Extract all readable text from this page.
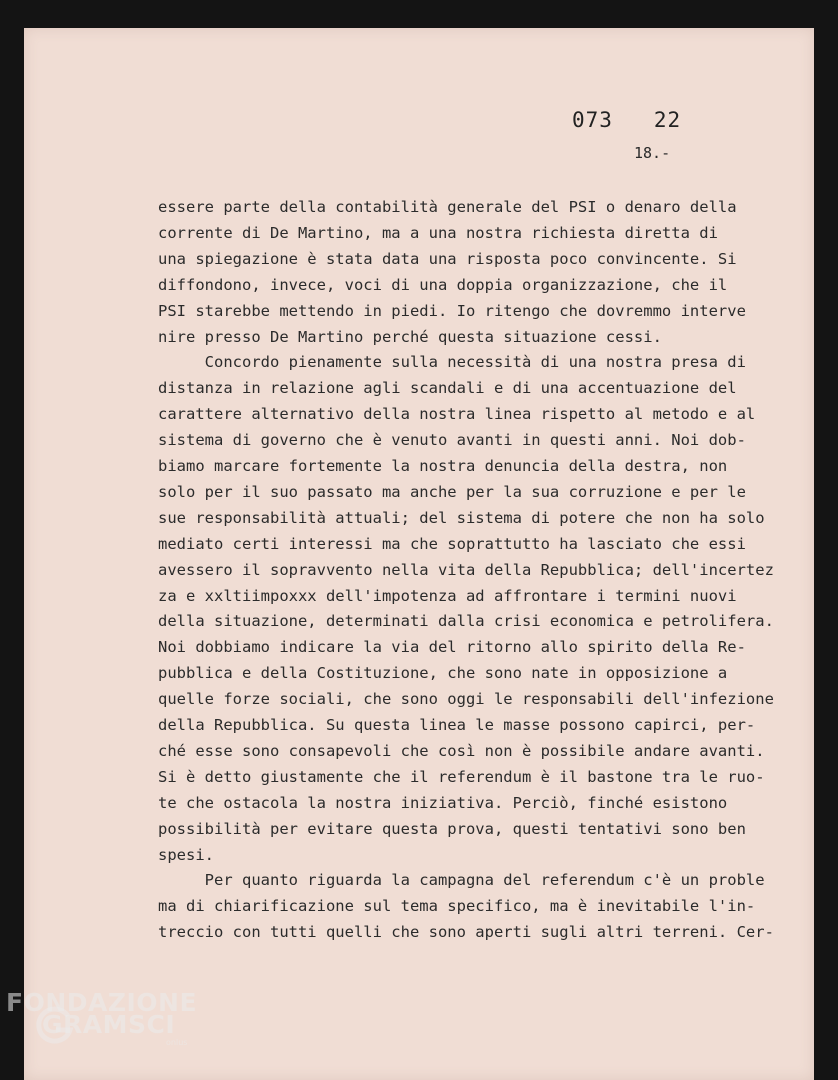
073   22
18.-
essere parte della contabilità generale del PSI o denaro della
corrente di De Martino, ma a una nostra richiesta diretta di
una spiegazione è stata data una risposta poco convincente. Si
diffondono, invece, voci di una doppia organizzazione, che il
PSI starebbe mettendo in piedi. Io ritengo che dovremmo interve
nire presso De Martino perché questa situazione cessi.
Concordo pienamente sulla necessità di una nostra presa di
distanza in relazione agli scandali e di una accentuazione del
carattere alternativo della nostra linea rispetto al metodo e al
sistema di governo che è venuto avanti in questi anni. Noi dob-
biamo marcare fortemente la nostra denuncia della destra, non
solo per il suo passato ma anche per la sua corruzione e per le
sue responsabilità attuali; del sistema di potere che non ha solo
mediato certi interessi ma che soprattutto ha lasciato che essi
avessero il sopravvento nella vita della Repubblica; dell'incertez
za e xxltiimpoxxx dell'impotenza ad affrontare i termini nuovi
della situazione, determinati dalla crisi economica e petrolifera.
Noi dobbiamo indicare la via del ritorno allo spirito della Re-
pubblica e della Costituzione, che sono nate in opposizione a
quelle forze sociali, che sono oggi le responsabili dell'infezione
della Repubblica. Su questa linea le masse possono capirci, per-
ché esse sono consapevoli che così non è possibile andare avanti.
Si è detto giustamente che il referendum è il bastone tra le ruo-
te che ostacola la nostra iniziativa. Perciò, finché esistono
possibilità per evitare questa prova, questi tentativi sono ben
spesi.
Per quanto riguarda la campagna del referendum c'è un proble
ma di chiarificazione sul tema specifico, ma è inevitabile l'in-
treccio con tutti quelli che sono aperti sugli altri terreni. Cer-
FONDAZIONE
GRAMSCI
onlus
